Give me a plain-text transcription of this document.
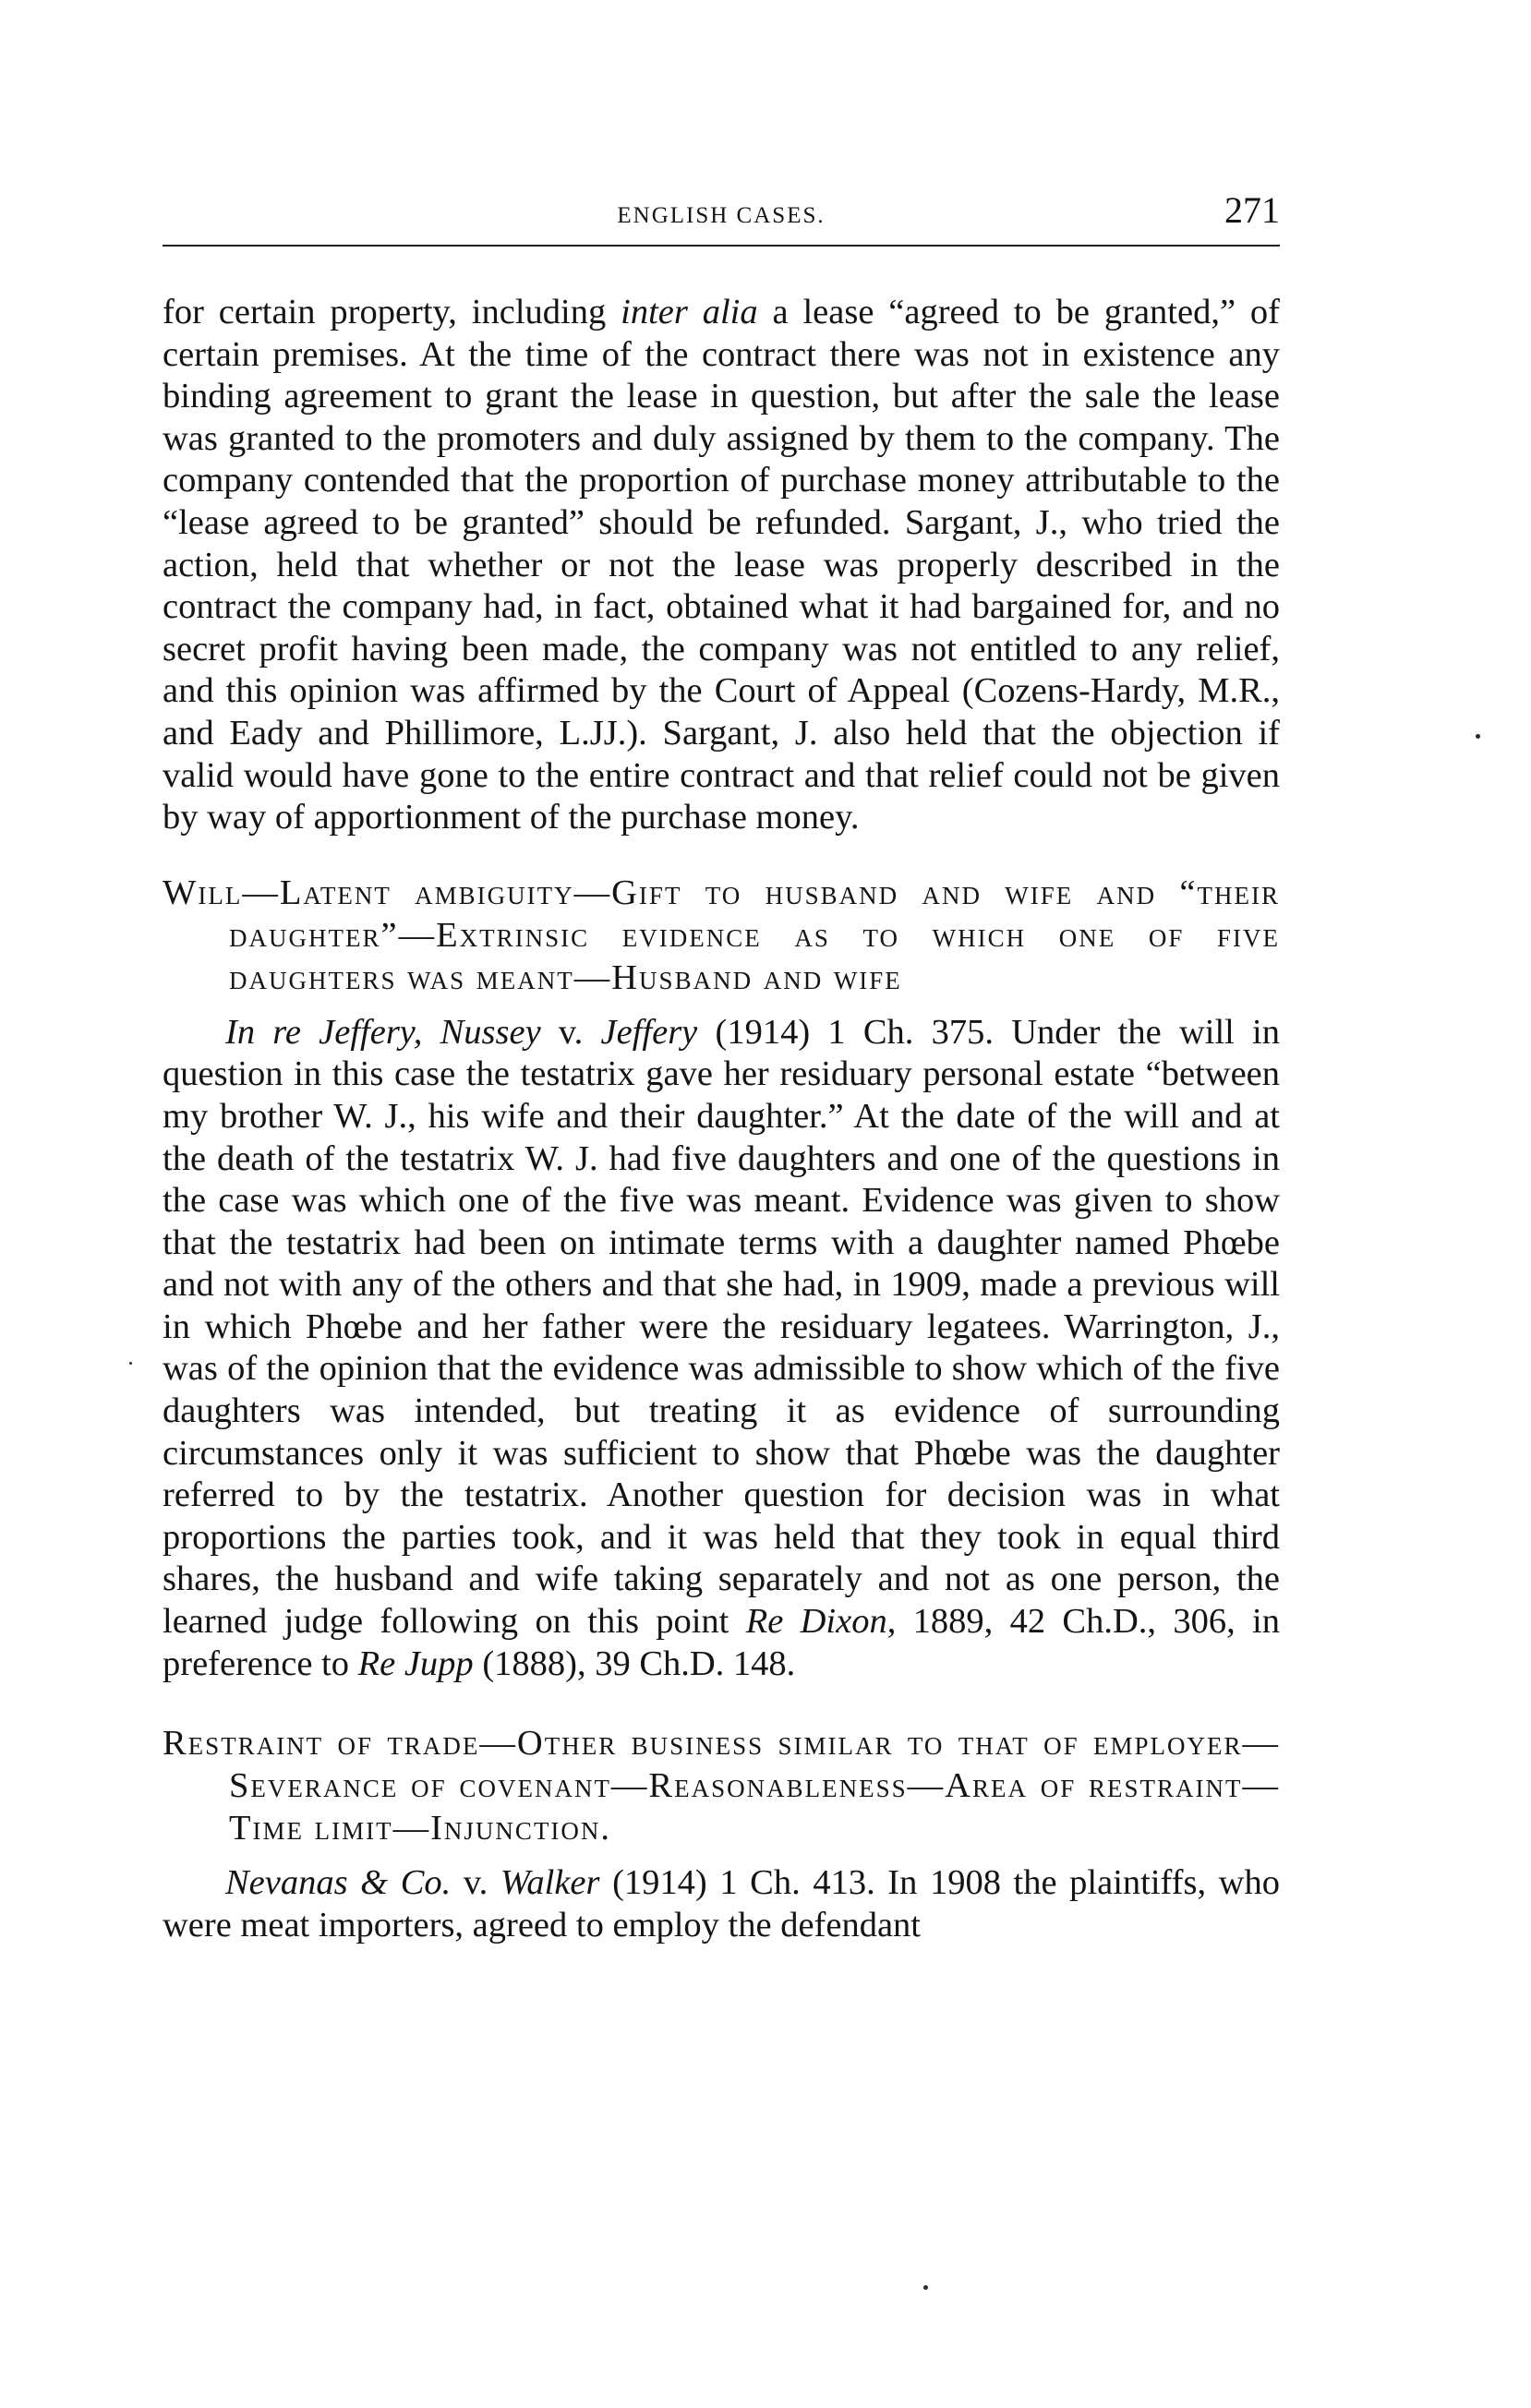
ENGLISH CASES.	271

for certain property, including inter alia a lease “agreed to be granted,” of certain premises. At the time of the contract there was not in existence any binding agreement to grant the lease in question, but after the sale the lease was granted to the promoters and duly assigned by them to the company. The company contended that the proportion of purchase money attributable to the “lease agreed to be granted” should be refunded. Sargant, J., who tried the action, held that whether or not the lease was properly described in the contract the company had, in fact, obtained what it had bargained for, and no secret profit having been made, the company was not entitled to any relief, and this opinion was affirmed by the Court of Appeal (Cozens-Hardy, M.R., and Eady and Phillimore, L.JJ.). Sargant, J. also held that the objection if valid would have gone to the entire contract and that relief could not be given by way of apportionment of the purchase money.

Will—Latent ambiguity—Gift to husband and wife and “their daughter”—Extrinsic evidence as to which one of five daughters was meant—Husband and wife

In re Jeffery, Nussey v. Jeffery (1914) 1 Ch. 375. Under the will in question in this case the testatrix gave her residuary personal estate “between my brother W. J., his wife and their daughter.” At the date of the will and at the death of the testatrix W. J. had five daughters and one of the questions in the case was which one of the five was meant. Evidence was given to show that the testatrix had been on intimate terms with a daughter named Phœbe and not with any of the others and that she had, in 1909, made a previous will in which Phœbe and her father were the residuary legatees. Warrington, J., was of the opinion that the evidence was admissible to show which of the five daughters was intended, but treating it as evidence of surrounding circumstances only it was sufficient to show that Phœbe was the daughter referred to by the testatrix. Another question for decision was in what proportions the parties took, and it was held that they took in equal third shares, the husband and wife taking separately and not as one person, the learned judge following on this point Re Dixon, 1889, 42 Ch.D., 306, in preference to Re Jupp (1888), 39 Ch.D. 148.

Restraint of trade—Other business similar to that of employer—Severance of covenant—Reasonableness—Area of restraint—Time limit—Injunction.

Nevanas & Co. v. Walker (1914) 1 Ch. 413. In 1908 the plaintiffs, who were meat importers, agreed to employ the defendant
